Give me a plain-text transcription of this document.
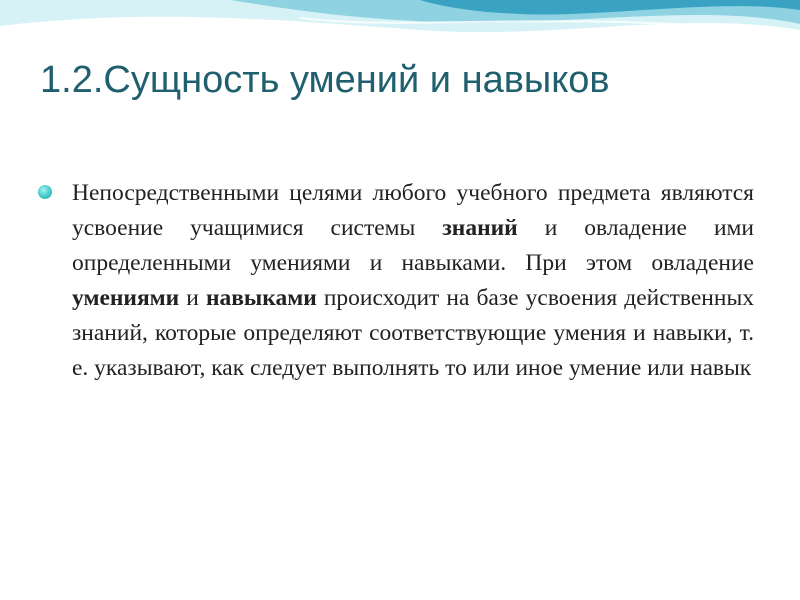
1.2.Сущность умений и навыков

Непосредственными целями любого учебного предмета являются усвоение учащимися системы знаний и овладение ими определенными умениями и навыками. При этом овладение умениями и навыками происходит на базе усвоения действенных знаний, которые определяют соответствующие умения и навыки, т. е. указывают, как следует выполнять то или иное умение или навык
